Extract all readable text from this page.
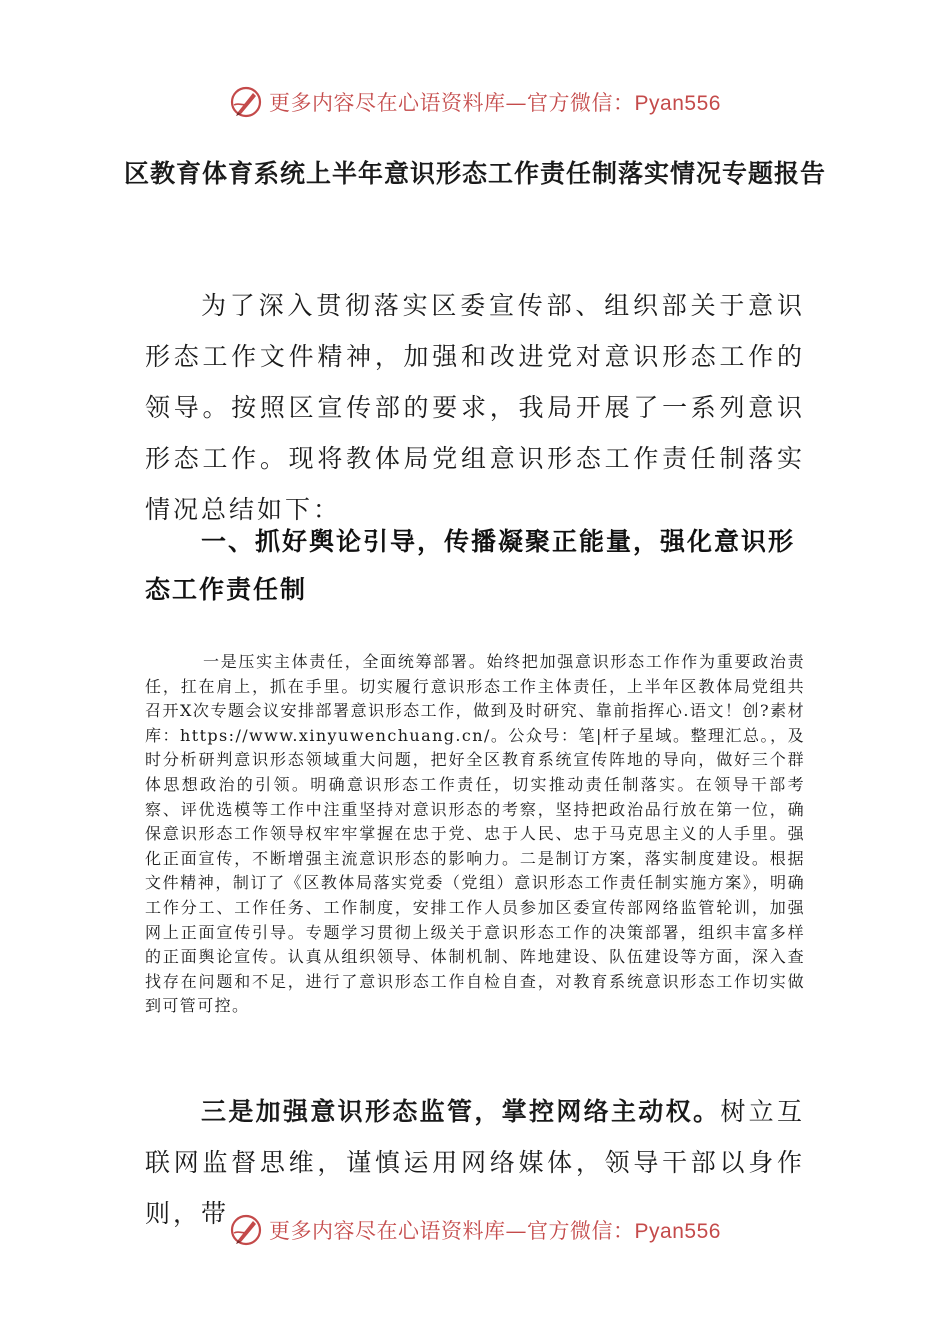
更多内容尽在心语资料库—官方微信：Pyan556
区教育体育系统上半年意识形态工作责任制落实情况专题报告
为了深入贯彻落实区委宣传部、组织部关于意识形态工作文件精神，加强和改进党对意识形态工作的领导。按照区宣传部的要求，我局开展了一系列意识形态工作。现将教体局党组意识形态工作责任制落实情况总结如下：
一、抓好舆论引导，传播凝聚正能量，强化意识形态工作责任制
一是压实主体责任，全面统筹部署。始终把加强意识形态工作作为重要政治责任，扛在肩上，抓在手里。切实履行意识形态工作主体责任，上半年区教体局党组共召开X次专题会议安排部署意识形态工作，做到及时研究、靠前指挥心.语文！创?素材库：https://www.xinyuwenchuang.cn/。公众号：笔|杆子星域。整理汇总。，及时分析研判意识形态领域重大问题，把好全区教育系统宣传阵地的导向，做好三个群体思想政治的引领。明确意识形态工作责任，切实推动责任制落实。在领导干部考察、评优选模等工作中注重坚持对意识形态的考察，坚持把政治品行放在第一位，确保意识形态工作领导权牢牢掌握在忠于党、忠于人民、忠于马克思主义的人手里。强化正面宣传，不断增强主流意识形态的影响力。二是制订方案，落实制度建设。根据文件精神，制订了《区教体局落实党委（党组）意识形态工作责任制实施方案》，明确工作分工、工作任务、工作制度，安排工作人员参加区委宣传部网络监管轮训，加强网上正面宣传引导。专题学习贯彻上级关于意识形态工作的决策部署，组织丰富多样的正面舆论宣传。认真从组织领导、体制机制、阵地建设、队伍建设等方面，深入查找存在问题和不足，进行了意识形态工作自检自查，对教育系统意识形态工作切实做到可管可控。
三是加强意识形态监管，掌控网络主动权。树立互联网监督思维，谨慎运用网络媒体，领导干部以身作则，带
更多内容尽在心语资料库—官方微信：Pyan556
